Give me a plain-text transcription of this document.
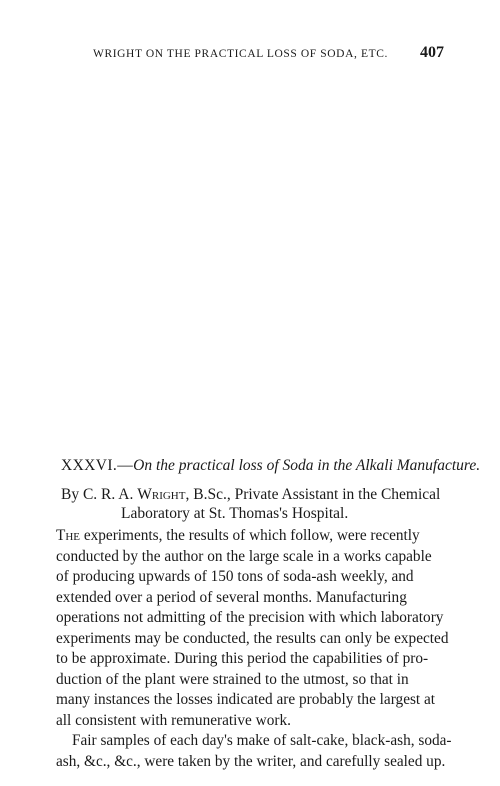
WRIGHT ON THE PRACTICAL LOSS OF SODA, ETC. 407
XXXVI.—On the practical loss of Soda in the Alkali Manufacture.
By C. R. A. Wright, B.Sc., Private Assistant in the Chemical
Laboratory at St. Thomas's Hospital.
The experiments, the results of which follow, were recently
conducted by the author on the large scale in a works capable
of producing upwards of 150 tons of soda-ash weekly, and
extended over a period of several months. Manufacturing
operations not admitting of the precision with which laboratory
experiments may be conducted, the results can only be expected
to be approximate. During this period the capabilities of pro-
duction of the plant were strained to the utmost, so that in
many instances the losses indicated are probably the largest at
all consistent with remunerative work.
Fair samples of each day's make of salt-cake, black-ash, soda-
ash, &c., &c., were taken by the writer, and carefully sealed up.
